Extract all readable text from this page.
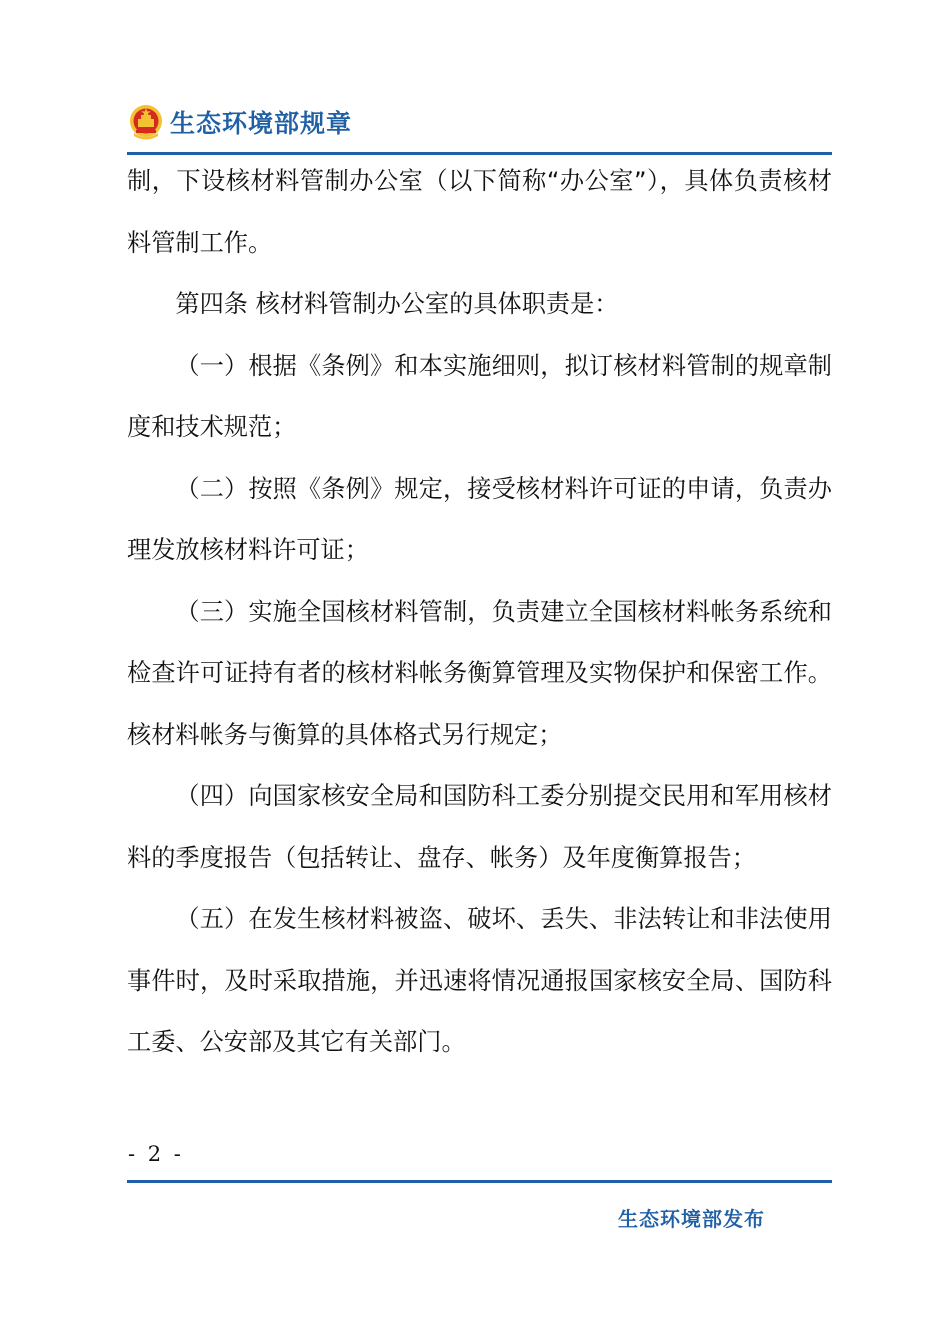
生态环境部规章

制，下设核材料管制办公室（以下简称“办公室”），具体负责核材料管制工作。

第四条 核材料管制办公室的具体职责是：

（一）根据《条例》和本实施细则，拟订核材料管制的规章制度和技术规范；

（二）按照《条例》规定，接受核材料许可证的申请，负责办理发放核材料许可证；

（三）实施全国核材料管制，负责建立全国核材料帐务系统和检查许可证持有者的核材料帐务衡算管理及实物保护和保密工作。核材料帐务与衡算的具体格式另行规定；

（四）向国家核安全局和国防科工委分别提交民用和军用核材料的季度报告（包括转让、盘存、帐务）及年度衡算报告；

（五）在发生核材料被盗、破坏、丢失、非法转让和非法使用事件时，及时采取措施，并迅速将情况通报国家核安全局、国防科工委、公安部及其它有关部门。

- 2 -
生态环境部发布
